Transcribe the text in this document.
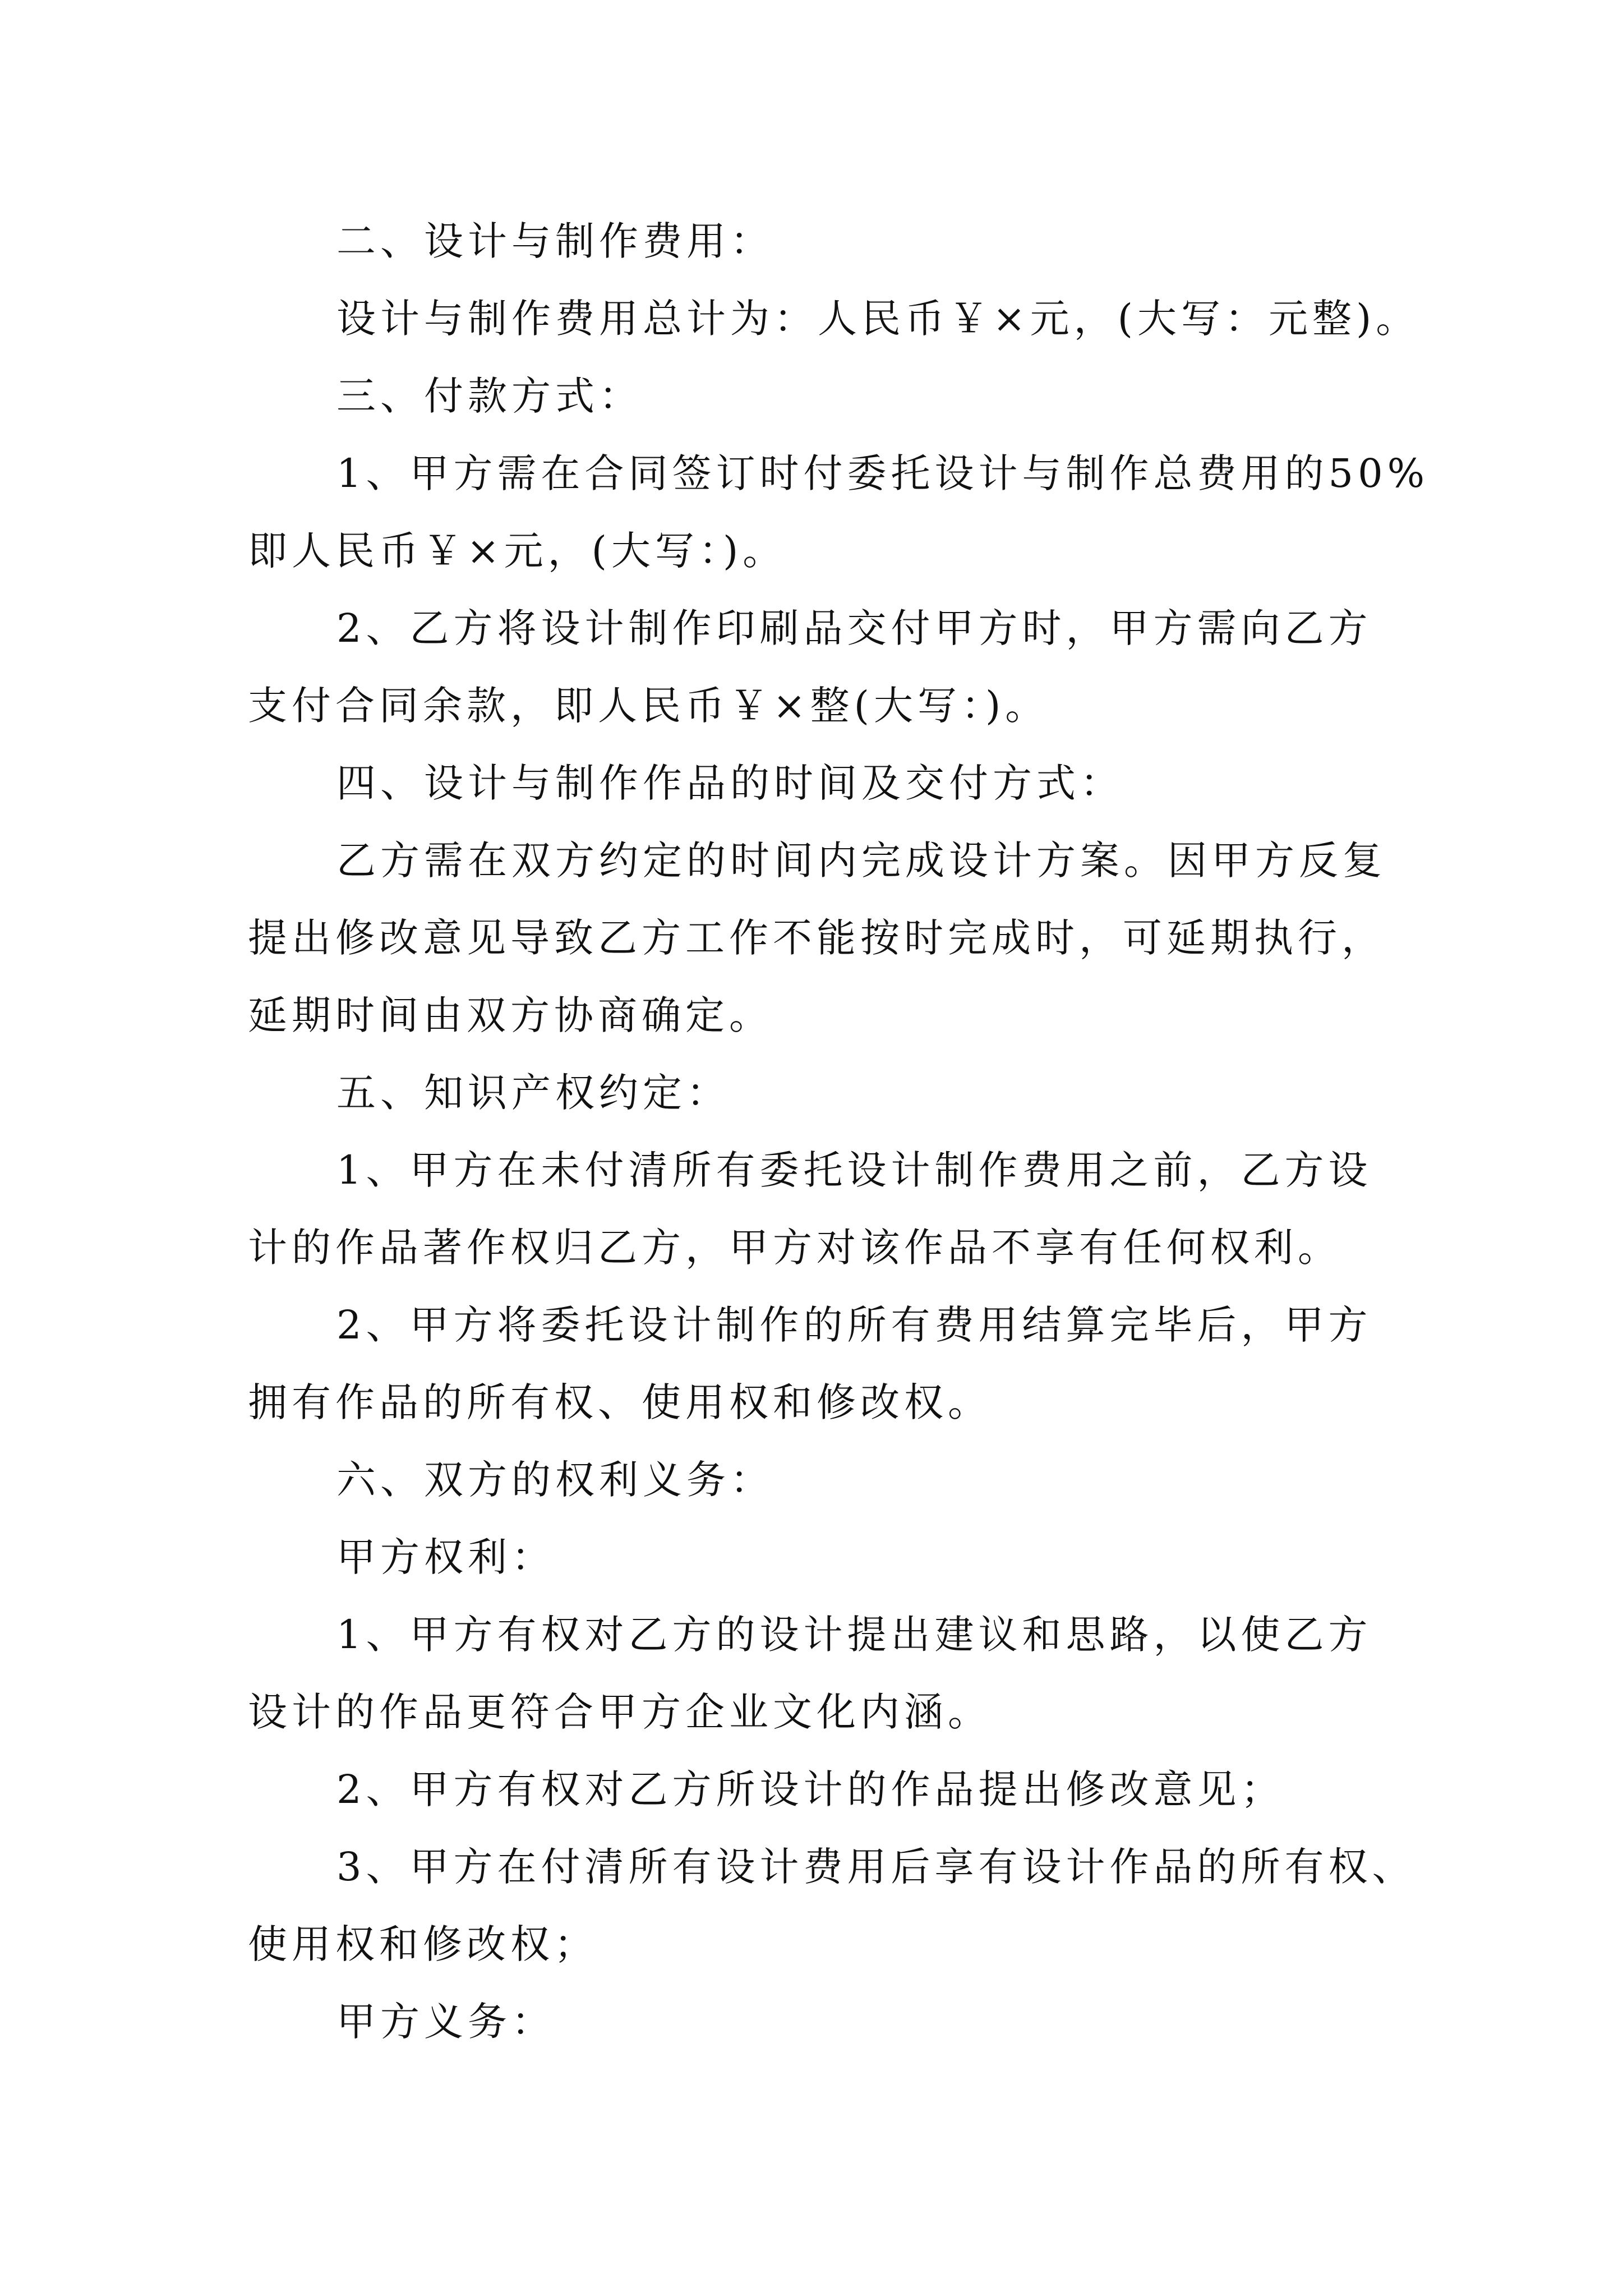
二、设计与制作费用：
设计与制作费用总计为：人民币￥×元，(大写：元整)。
三、付款方式：
1、甲方需在合同签订时付委托设计与制作总费用的50%
即人民币￥×元，(大写：)。
2、乙方将设计制作印刷品交付甲方时，甲方需向乙方
支付合同余款，即人民币￥×整(大写：)。
四、设计与制作作品的时间及交付方式：
乙方需在双方约定的时间内完成设计方案。因甲方反复
提出修改意见导致乙方工作不能按时完成时，可延期执行，
延期时间由双方协商确定。
五、知识产权约定：
1、甲方在未付清所有委托设计制作费用之前，乙方设
计的作品著作权归乙方，甲方对该作品不享有任何权利。
2、甲方将委托设计制作的所有费用结算完毕后，甲方
拥有作品的所有权、使用权和修改权。
六、双方的权利义务：
甲方权利：
1、甲方有权对乙方的设计提出建议和思路，以使乙方
设计的作品更符合甲方企业文化内涵。
2、甲方有权对乙方所设计的作品提出修改意见；
3、甲方在付清所有设计费用后享有设计作品的所有权、
使用权和修改权；
甲方义务：
